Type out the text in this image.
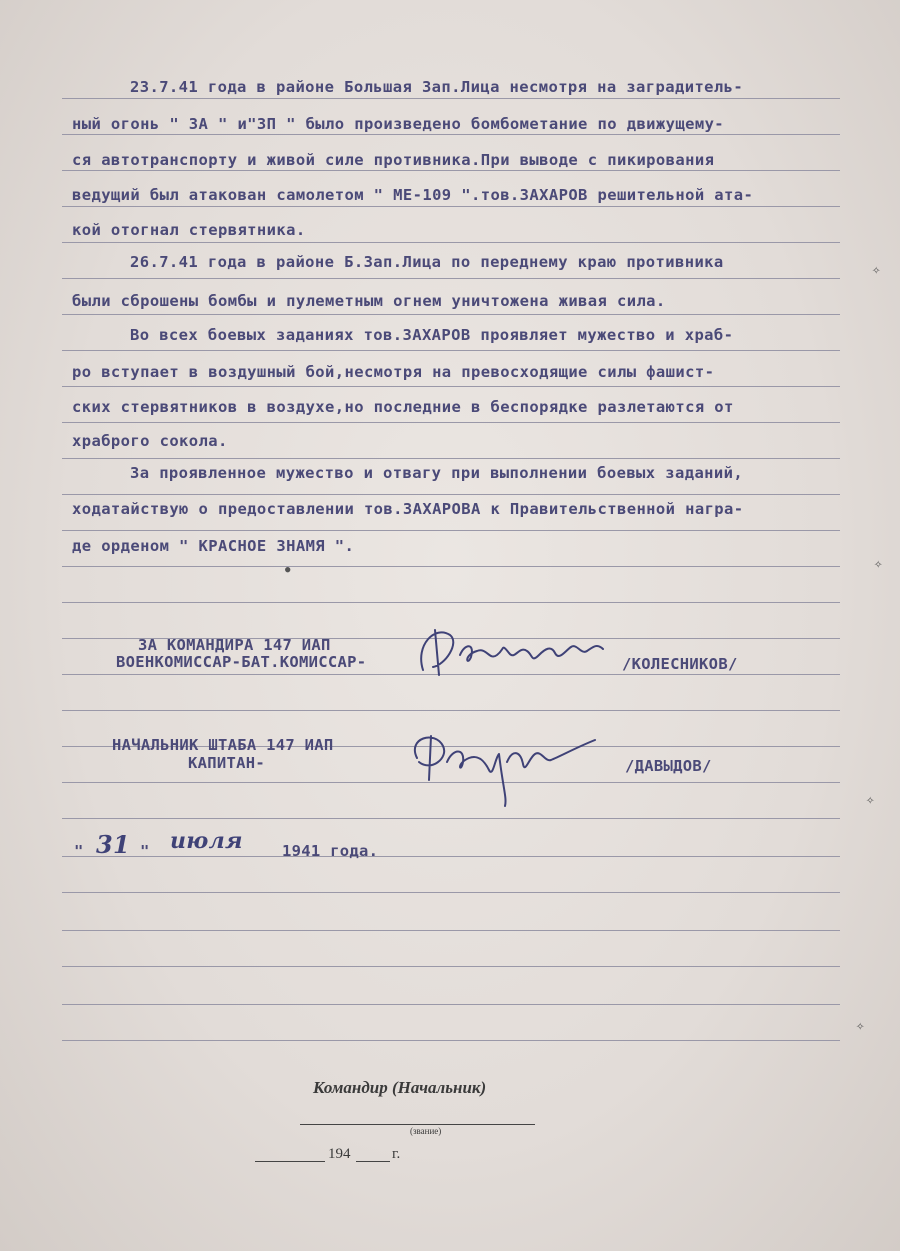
23.7.41 года в районе Большая Зап.Лица несмотря на заградитель-
ный огонь " ЗА " и"ЗП " было произведено бомбометание по движущему-
ся автотранспорту и живой силе противника.При выводе с пикирования
ведущий был атакован самолетом " МЕ-109 ".тов.ЗАХАРОВ решительной ата-
кой отогнал стервятника.
26.7.41 года в районе Б.Зап.Лица по переднему краю противника
были сброшены бомбы и пулеметным огнем уничтожена живая сила.
Во всех боевых заданиях тов.ЗАХАРОВ проявляет мужество и храб-
ро вступает в воздушный бой,несмотря на превосходящие силы фашист-
ских стервятников в воздухе,но последние в беспорядке разлетаются от
храброго сокола.
За проявленное мужество и отвагу при выполнении боевых заданий,
ходатайствую о предоставлении тов.ЗАХАРОВА к Правительственной награ-
де орденом " КРАСНОЕ ЗНАМЯ ".
ЗА КОМАНДИРА 147 ИАП
ВОЕНКОМИССАР-БАТ.КОМИССАР-	/КОЛЕСНИКОВ/
НАЧАЛЬНИК ШТАБА 147 ИАП
КАПИТАН-	/ДАВЫДОВ/
" 31 " июля	1941 года.
Командир (Начальник)
(звание)
194	г.
✧
✧
✧
✧
●
